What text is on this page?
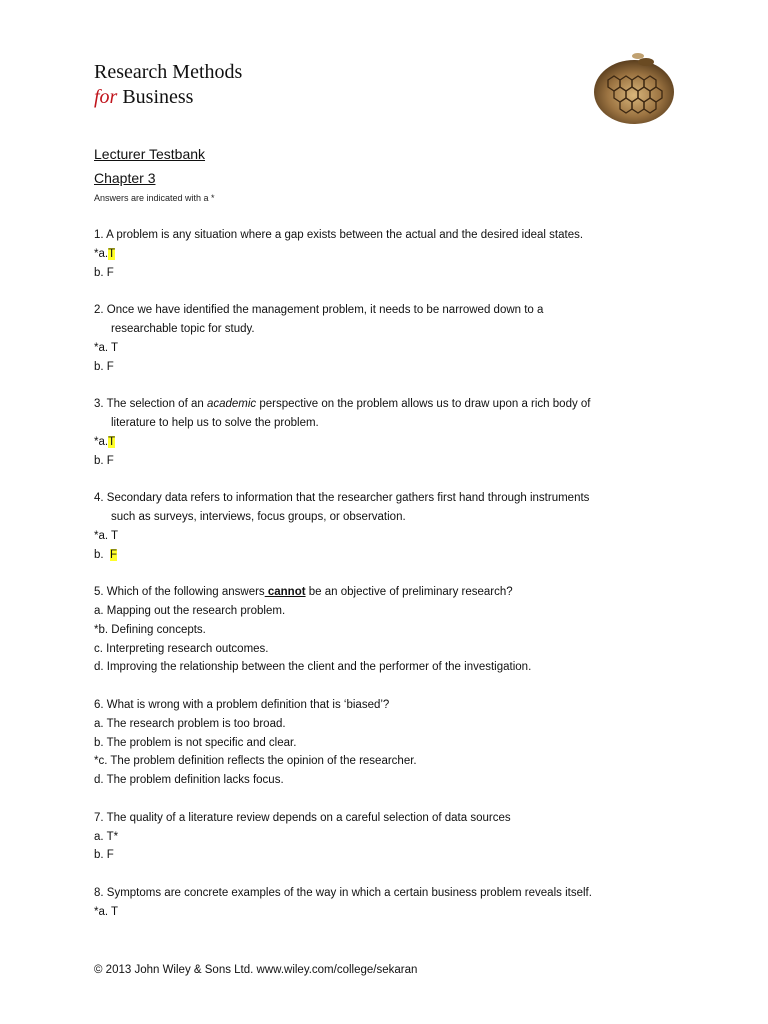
Research Methods
for Business
Lecturer Testbank
Chapter 3
Answers are indicated with a *
1. A problem is any situation where a gap exists between the actual and the desired ideal states.
*a.T
b. F
2. Once we have identified the management problem, it needs to be narrowed down to a
researchable topic for study.
*a. T
b. F
3. The selection of an academic perspective on the problem allows us to draw upon a rich body of
literature to help us to solve the problem.
*a.T
b. F
4. Secondary data refers to information that the researcher gathers first hand through instruments
such as surveys, interviews, focus groups, or observation.
*a. T
b.  F
5. Which of the following answers cannot be an objective of preliminary research?
a. Mapping out the research problem.
*b. Defining concepts.
c. Interpreting research outcomes.
d. Improving the relationship between the client and the performer of the investigation.
6. What is wrong with a problem definition that is ‘biased’?
a. The research problem is too broad.
b. The problem is not specific and clear.
*c. The problem definition reflects the opinion of the researcher.
d. The problem definition lacks focus.
7. The quality of a literature review depends on a careful selection of data sources
a. T*
b. F
8. Symptoms are concrete examples of the way in which a certain business problem reveals itself.
*a. T
© 2013 John Wiley & Sons Ltd. www.wiley.com/college/sekaran
